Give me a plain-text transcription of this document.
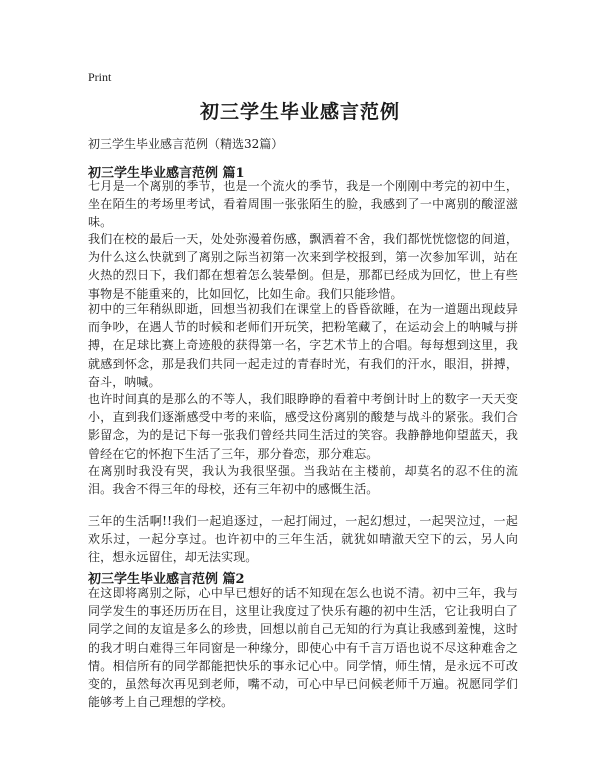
Print
初三学生毕业感言范例
初三学生毕业感言范例（精选32篇）
初三学生毕业感言范例 篇1

七月是一个离别的季节，也是一个流火的季节，我是一个刚刚中考完的初中生，坐在陌生的考场里考试，看着周围一张张陌生的脸，我感到了一中离别的酸涩滋味。

我们在校的最后一天，处处弥漫着伤感，飘洒着不舍，我们都恍恍惚惚的间道，为什么这么快就到了离别之际当初第一次来到学校报到，第一次参加军训，站在火热的烈日下，我们都在想着怎么装晕倒。但是，那都已经成为回忆，世上有些事物是不能重来的，比如回忆，比如生命。我们只能珍惜。

初中的三年稍纵即逝，回想当初我们在课堂上的昏昏欲睡，在为一道题出现歧异而争吵，在遇人节的时候和老师们开玩笑，把粉笔藏了，在运动会上的呐喊与拼搏，在足球比赛上奇迹般的获得第一名，字艺术节上的合唱。每每想到这里，我就感到怀念，那是我们共同一起走过的青春时光，有我们的汗水，眼泪，拼搏，奋斗，呐喊。

也许时间真的是那么的不等人，我们眼睁睁的看着中考倒计时上的数字一天天变小，直到我们逐渐感受中考的来临，感受这份离别的酸楚与战斗的紧张。我们合影留念，为的是记下每一张我们曾经共同生活过的笑容。我静静地仰望蓝天，我曾经在它的怀抱下生活了三年，那分眷恋，那分难忘。

在离别时我没有哭，我认为我很坚强。当我站在主楼前，却莫名的忍不住的流泪。我舍不得三年的母校，还有三年初中的感慨生活。

三年的生活啊!!我们一起追逐过，一起打闹过，一起幻想过，一起哭泣过，一起欢乐过，一起分享过。也许初中的三年生活，就犹如晴澈天空下的云，另人向往，想永远留住，却无法实现。

初三学生毕业感言范例 篇2

在这即将离别之际，心中早已想好的话不知现在怎么也说不清。初中三年，我与同学发生的事还历历在目，这里让我度过了快乐有趣的初中生活，它让我明白了同学之间的友谊是多么的珍贵，回想以前自己无知的行为真让我感到羞愧，这时的我才明白难得三年同窗是一种缘分，即使心中有千言万语也说不尽这种难舍之情。相信所有的同学都能把快乐的事永记心中。同学情，师生情，是永远不可改变的，虽然每次再见到老师，嘴不动，可心中早已问候老师千万遍。祝愿同学们能够考上自己理想的学校。
